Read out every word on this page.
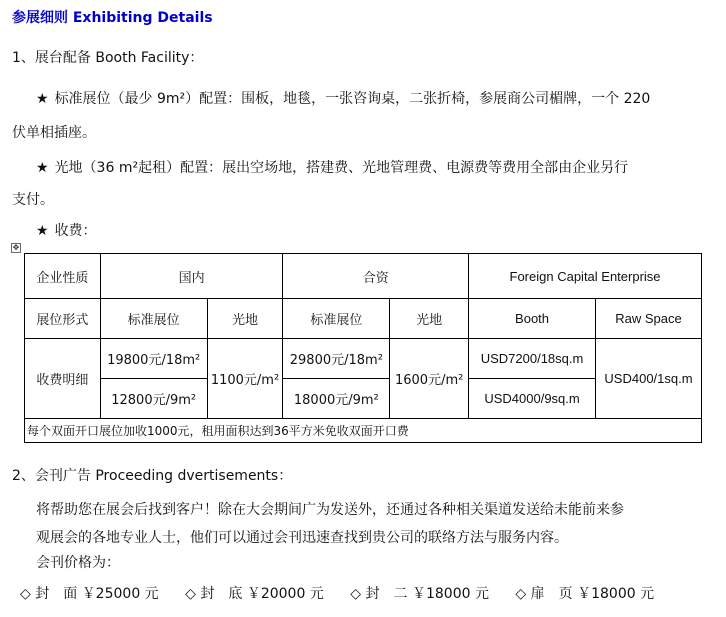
参展细则 Exhibiting Details
1、展台配备 Booth Facility：
★ 标准展位（最少 9m²）配置：围板，地毯，一张咨询桌，二张折椅，参展商公司楣牌，一个 220
伏单相插座。
★ 光地（36 m²起租）配置：展出空场地，搭建费、光地管理费、电源费等费用全部由企业另行
支付。
★ 收费：
✥
企业性质	国内		合资		Foreign Capital Enterprise	
展位形式	标准展位	光地	标准展位	光地	Booth	Raw Space
收费明细	19800元/18m²	1100元/m²	29800元/18m²	1600元/m²	USD7200/18sq.m	USD400/1sq.m
	12800元/9m²		18000元/9m²		USD4000/9sq.m	
每个双面开口展位加收1000元，租用面积达到36平方米免收双面开口费						
2、会刊广告 Proceeding dvertisements：
将帮助您在展会后找到客户！除在大会期间广为发送外，还通过各种相关渠道发送给未能前来参
观展会的各地专业人士，他们可以通过会刊迅速查找到贵公司的联络方法与服务内容。
会刊价格为：
◇ 封　面 ￥25000 元 ◇ 封　底 ￥20000 元 ◇ 封　二 ￥18000 元 ◇ 扉　页 ￥18000 元
